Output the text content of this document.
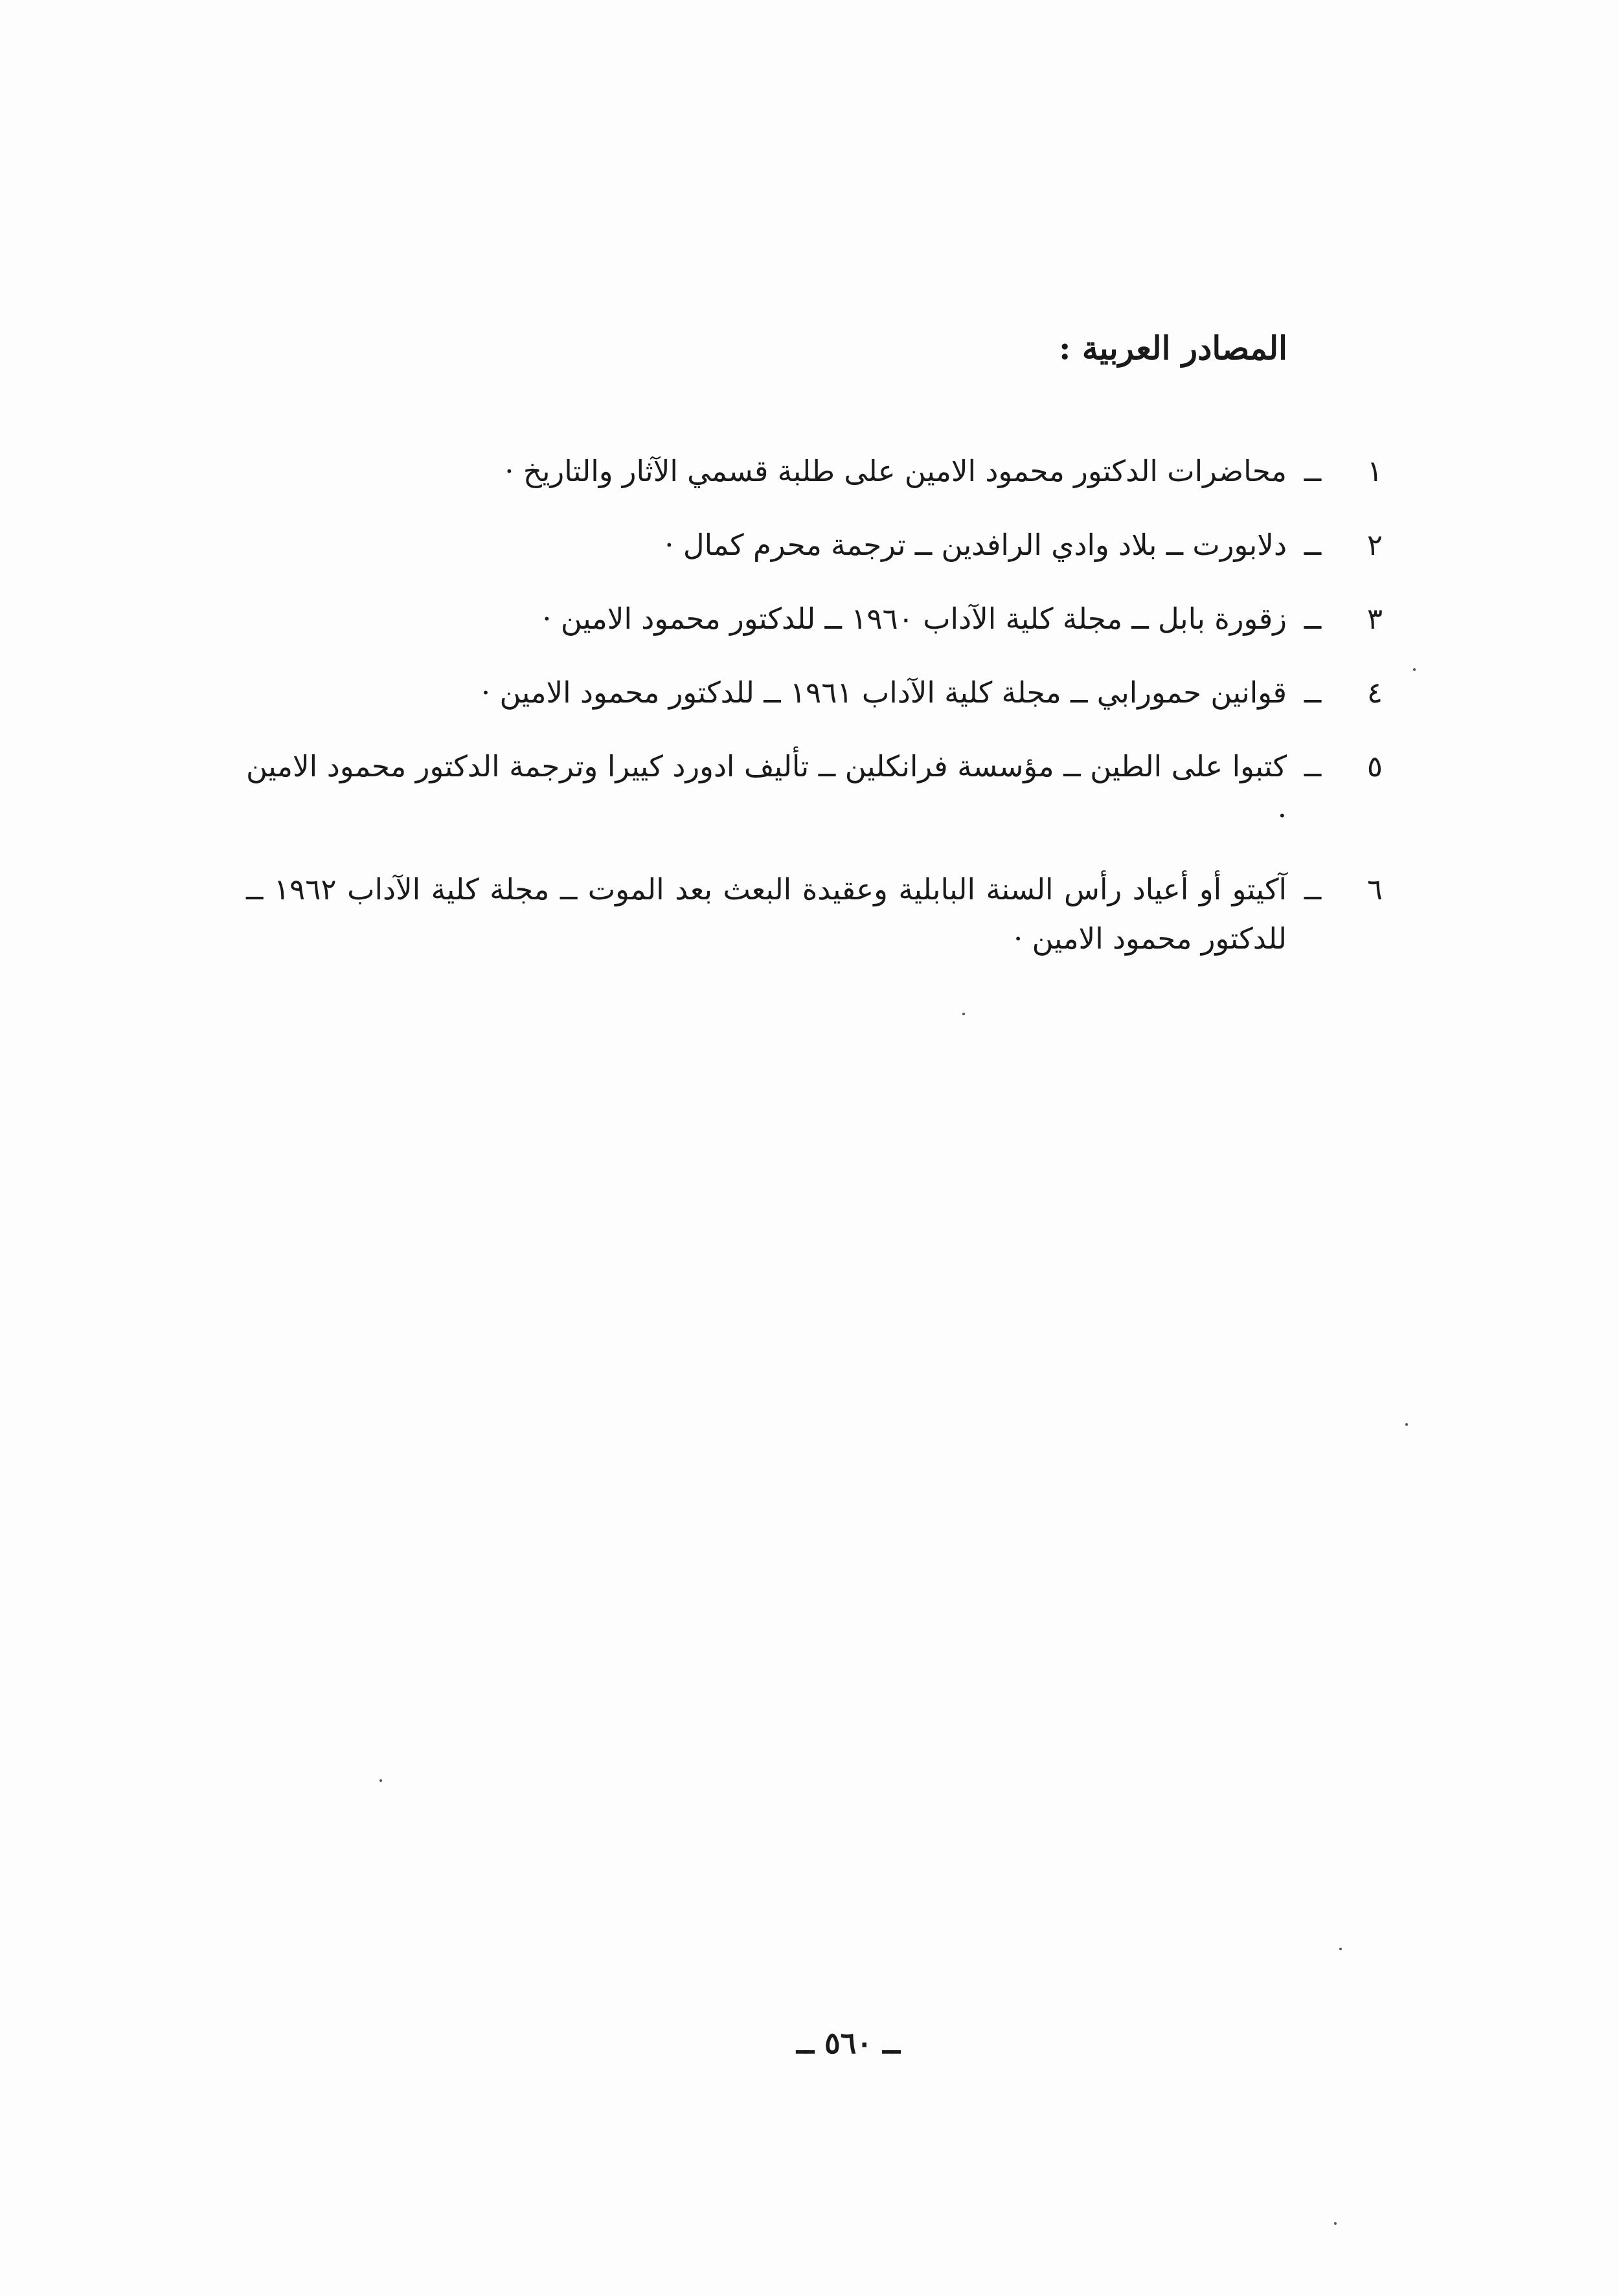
المصادر العربية :
١
ــ
محاضرات الدكتور محمود الامين على طلبة قسمي الآثار والتاريخ ·
٢
ــ
دلابورت ــ بلاد وادي الرافدين ــ ترجمة محرم كمال ·
٣
ــ
زقورة بابل ــ مجلة كلية الآداب ١٩٦٠ ــ للدكتور محمود الامين ·
٤
ــ
قوانين حمورابي ــ مجلة كلية الآداب ١٩٦١ ــ للدكتور محمود الامين ·
٥
ــ
كتبوا على الطين ــ مؤسسة فرانكلين ــ تأليف ادورد كييرا وترجمة الدكتور محمود الامين ·
٦
ــ
آكيتو أو أعياد رأس السنة البابلية وعقيدة البعث بعد الموت ــ مجلة كلية الآداب ١٩٦٢ ــ للدكتور محمود الامين ·
ــ ٥٦٠ ــ
